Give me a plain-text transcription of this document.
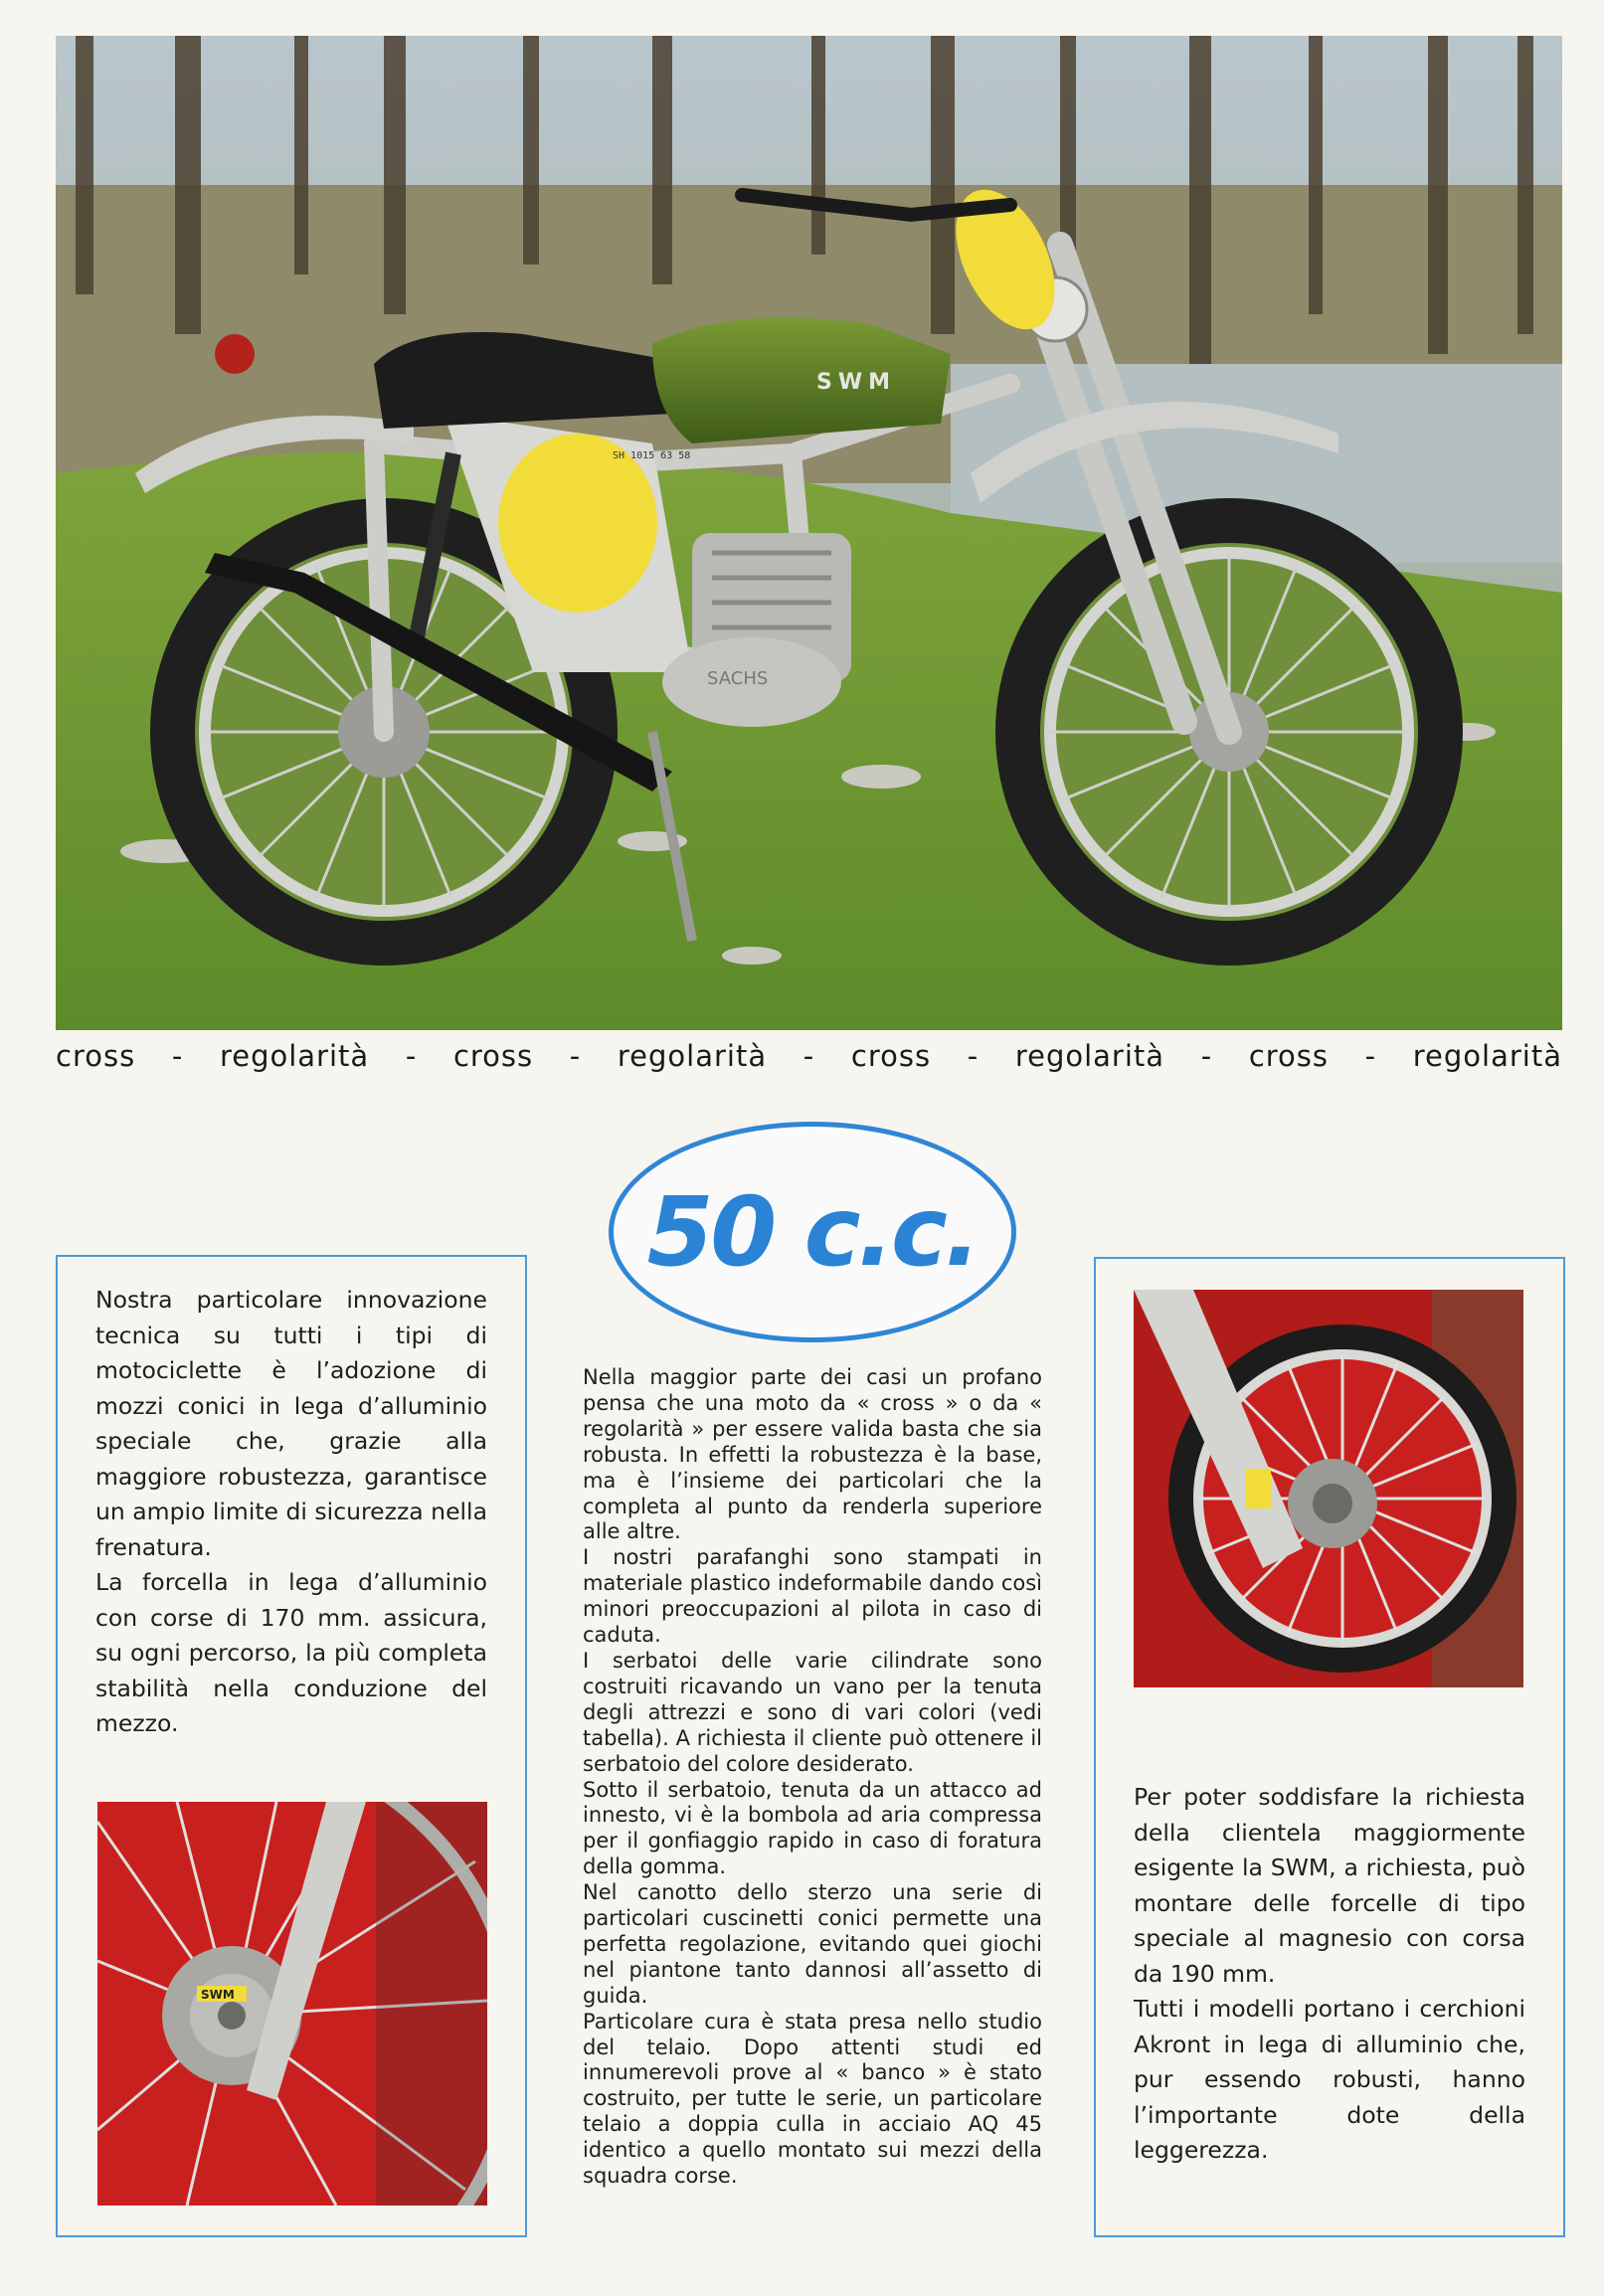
SACHS
SWM
SH 1015 63 58
cross - regolarità - cross - regolarità - cross - regolarità - cross - regolarità
50 c.c.

Nostra particolare innovazione tecnica su tutti i tipi di motociclette è l’adozione di mozzi conici in lega d’alluminio speciale che, grazie alla maggiore robustezza, garantisce un ampio limite di sicurezza nella frenatura.

La forcella in lega d’alluminio con corse di 170 mm. assicura, su ogni percorso, la più completa stabilità nella conduzione del mezzo.

SWM

Nella maggior parte dei casi un profano pensa che una moto da « cross » o da « regolarità » per essere valida basta che sia robusta. In effetti la robustezza è la base, ma è l’insieme dei particolari che la completa al punto da renderla superiore alle altre.

I nostri parafanghi sono stampati in materiale plastico indeformabile dando così minori preoccupazioni al pilota in caso di caduta.

I serbatoi delle varie cilindrate sono costruiti ricavando un vano per la tenuta degli attrezzi e sono di vari colori (vedi tabella). A richiesta il cliente può ottenere il serbatoio del colore desiderato.

Sotto il serbatoio, tenuta da un attacco ad innesto, vi è la bombola ad aria compressa per il gonfiaggio rapido in caso di foratura della gomma.

Nel canotto dello sterzo una serie di particolari cuscinetti conici permette una perfetta regolazione, evitando quei giochi nel piantone tanto dannosi all’assetto di guida.

Particolare cura è stata presa nello studio del telaio. Dopo attenti studi ed innumerevoli prove al « banco » è stato costruito, per tutte le serie, un particolare telaio a doppia culla in acciaio AQ 45 identico a quello montato sui mezzi della squadra corse.

Per poter soddisfare la richiesta della clientela maggiormente esigente la SWM, a richiesta, può montare delle forcelle di tipo speciale al magnesio con corsa da 190 mm.

Tutti i modelli portano i cerchioni Akront in lega di alluminio che, pur essendo robusti, hanno l’importante dote della leggerezza.
